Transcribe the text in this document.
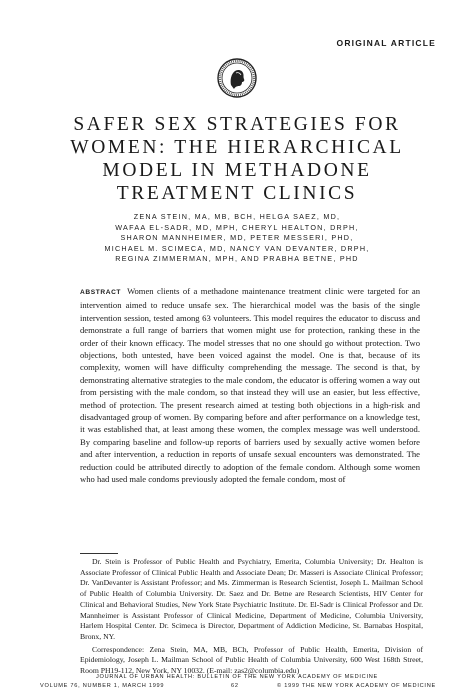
ORIGINAL ARTICLE
SAFER SEX STRATEGIES FOR
WOMEN: THE HIERARCHICAL
MODEL IN METHADONE
TREATMENT CLINICS
ZENA STEIN, MA, MB, BCH, HELGA SAEZ, MD,
WAFAA EL-SADR, MD, MPH, CHERYL HEALTON, DRPH,
SHARON MANNHEIMER, MD, PETER MESSERI, PHD,
MICHAEL M. SCIMECA, MD, NANCY VAN DEVANTER, DRPH,
REGINA ZIMMERMAN, MPH, AND PRABHA BETNE, PHD
ABSTRACT Women clients of a methadone maintenance treatment clinic were targeted for an intervention aimed to reduce unsafe sex. The hierarchical model was the basis of the single intervention session, tested among 63 volunteers. This model requires the educator to discuss and demonstrate a full range of barriers that women might use for protection, ranking these in the order of their known efficacy. The model stresses that no one should go without protection. Two objections, both untested, have been voiced against the model. One is that, because of its complexity, women will have difficulty comprehending the message. The second is that, by demonstrating alternative strategies to the male condom, the educator is offering women a way out from persisting with the male condom, so that instead they will use an easier, but less effective, method of protection. The present research aimed at testing both objections in a high-risk and disadvantaged group of women. By comparing before and after performance on a knowledge test, it was established that, at least among these women, the complex message was well understood. By comparing baseline and follow-up reports of barriers used by sexually active women before and after intervention, a reduction in reports of unsafe sexual encounters was demonstrated. The reduction could be attributed directly to adoption of the female condom. Although some women who had used male condoms previously adopted the female condom, most of

Dr. Stein is Professor of Public Health and Psychiatry, Emerita, Columbia University; Dr. Healton is Associate Professor of Clinical Public Health and Associate Dean; Dr. Masseri is Associate Clinical Professor; Dr. VanDevanter is Assistant Professor; and Ms. Zimmerman is Research Scientist, Joseph L. Mailman School of Public Health of Columbia University. Dr. Saez and Dr. Betne are Research Scientists, HIV Center for Clinical and Behavioral Studies, New York State Psychiatric Institute. Dr. El-Sadr is Clinical Professor and Dr. Mannheimer is Assistant Professor of Clinical Medicine, Department of Medicine, Columbia University, Harlem Hospital Center. Dr. Scimeca is Director, Department of Addiction Medicine, St. Barnabas Hospital, Bronx, NY.

Correspondence: Zena Stein, MA, MB, BCh, Professor of Public Health, Emerita, Division of Epidemiology, Joseph L. Mailman School of Public Health of Columbia University, 600 West 168th Street, Room PH19-112, New York, NY 10032. (E-mail: zas2@columbia.edu)

JOURNAL OF URBAN HEALTH: BULLETIN OF THE NEW YORK ACADEMY OF MEDICINE
VOLUME 76, NUMBER 1, MARCH 1999	62	© 1999 THE NEW YORK ACADEMY OF MEDICINE
